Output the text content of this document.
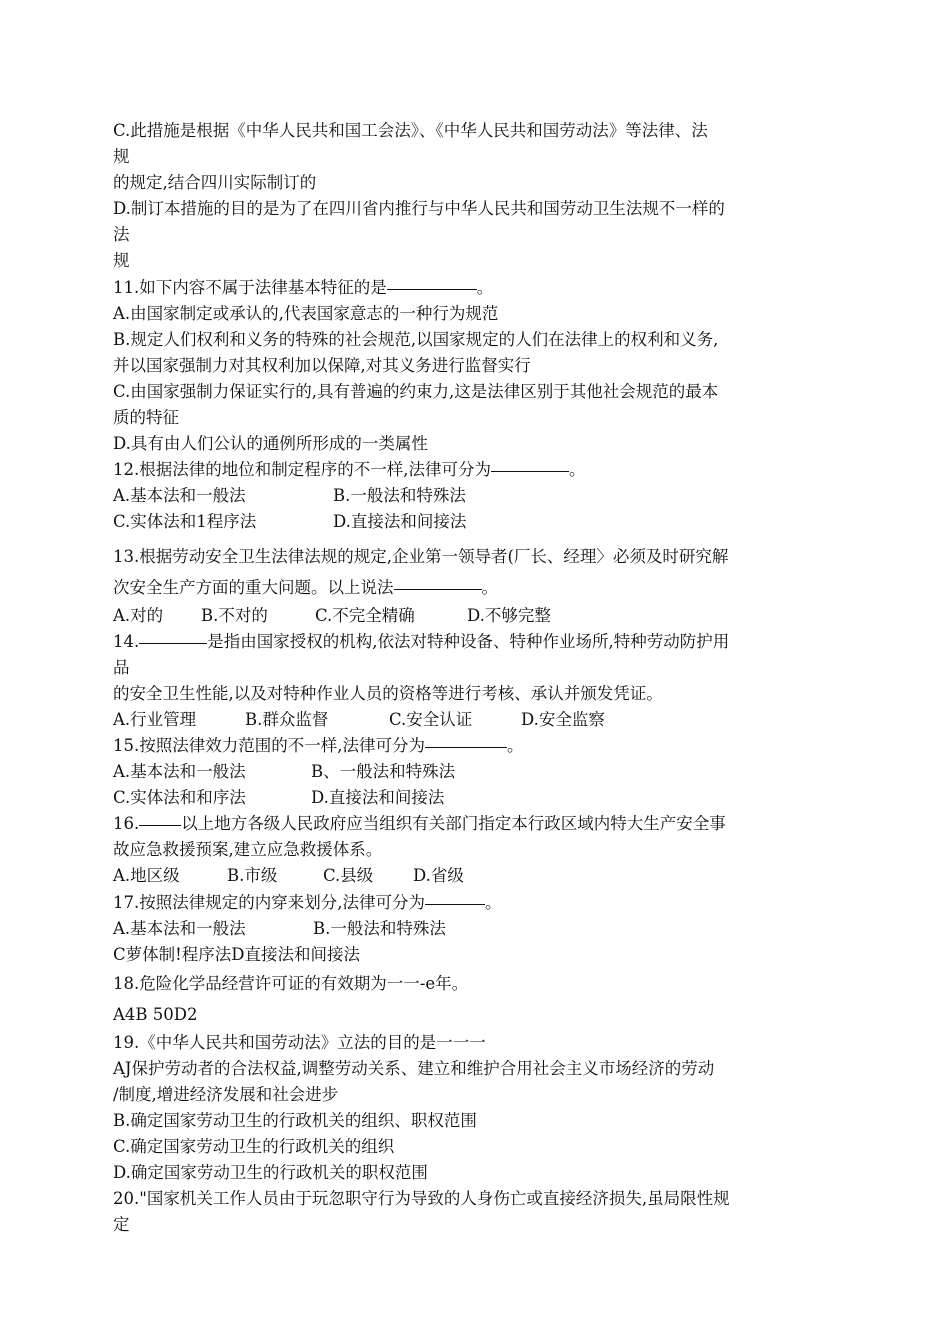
C.此措施是根据《中华人民共和国工会法》、《中华人民共和国劳动法》等法律、法
规
的规定,结合四川实际制订的
D.制订本措施的目的是为了在四川省内推行与中华人民共和国劳动卫生法规不一样的
法
规
11.如下内容不属于法律基本特征的是	。
A.由国家制定或承认的,代表国家意志的一种行为规范
B.规定人们权利和义务的特殊的社会规范,以国家规定的人们在法律上的权利和义务,
并以国家强制力对其权利加以保障,对其义务进行监督实行
C.由国家强制力保证实行的,具有普遍的约束力,这是法律区别于其他社会规范的最本
质的特征
D.具有由人们公认的通例所形成的一类属性
12.根据法律的地位和制定程序的不一样,法律可分为	。
A.基本法和一般法	B.一般法和特殊法
C.实体法和1程序法	D.直接法和间接法
13.根据劳动安全卫生法律法规的规定,企业第一领导者(厂长、经理〉必须及时研究解
次安全生产方面的重大问题。以上说法	。
A.对的 B.不对的	C.不完全精确	D.不够完整
14.	是指由国家授权的机构,依法对特种设备、特种作业场所,特种劳动防护用
品
的安全卫生性能,以及对特种作业人员的资格等进行考核、承认并颁发凭证。
A.行业管理	B.群众监督	C.安全认证	D.安全监察
15.按照法律效力范围的不一样,法律可分为	。
A.基本法和一般法	B、一般法和特殊法
C.实体法和和序法	D.直接法和间接法
16.	以上地方各级人民政府应当组织有关部门指定本行政区域内特大生产安全事
故应急救援预案,建立应急救援体系。
A.地区级	B.市级	C.县级 D.省级
17.按照法律规定的内穿来划分,法律可分为	。
A.基本法和一般法	B.一般法和特殊法
C萝体制!程序法D直接法和间接法
18.危险化学品经营许可证的有效期为一一-e年。
A4B 50D2
19.《中华人民共和国劳动法》立法的目的是一一一
AJ保护劳动者的合法权益,调整劳动关系、建立和维护合用社会主义市场经济的劳动
/制度,增进经济发展和社会进步
B.确定国家劳动卫生的行政机关的组织、职权范围
C.确定国家劳动卫生的行政机关的组织
D.确定国家劳动卫生的行政机关的职权范围
20."国家机关工作人员由于玩忽职守行为导致的人身伤亡或直接经济损失,虽局限性规
定
